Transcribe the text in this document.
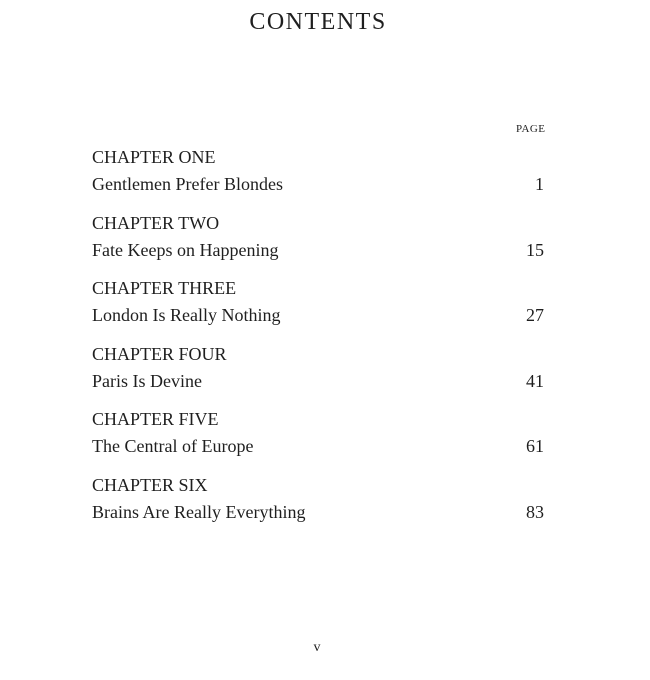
CONTENTS
PAGE
CHAPTER ONE
Gentlemen Prefer Blondes	1
CHAPTER TWO
Fate Keeps on Happening	15
CHAPTER THREE
London Is Really Nothing	27
CHAPTER FOUR
Paris Is Devine	41
CHAPTER FIVE
The Central of Europe	61
CHAPTER SIX
Brains Are Really Everything	83
v
